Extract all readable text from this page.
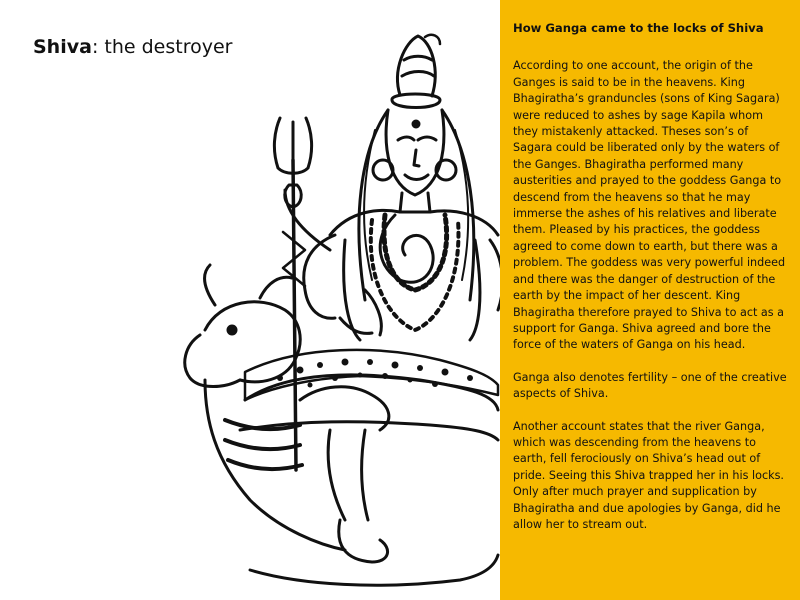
Shiva: the destroyer
How Ganga came to the locks of Shiva

According to one account, the origin of the Ganges is said to be in the heavens. King Bhagiratha’s granduncles (sons of King Sagara) were reduced to ashes by sage Kapila whom they mistakenly attacked. Theses son’s of Sagara could be liberated only by the waters of the Ganges. Bhagiratha performed many austerities and prayed to the goddess Ganga to descend from the heavens so that he may immerse the ashes of his relatives and liberate them. Pleased by his practices, the goddess agreed to come down to earth, but there was a problem. The goddess was very powerful indeed and there was the danger of destruction of the earth by the impact of her descent. King Bhagiratha therefore prayed to Shiva to act as a support for Ganga. Shiva agreed and bore the force of the waters of Ganga on his head.

Ganga also denotes fertility – one of the creative aspects of Shiva.

Another account states that the river Ganga, which was descending from the heavens to earth, fell ferociously on Shiva’s head out of pride. Seeing this Shiva trapped her in his locks. Only after much prayer and supplication by Bhagiratha and due apologies by Ganga, did he allow her to stream out.
